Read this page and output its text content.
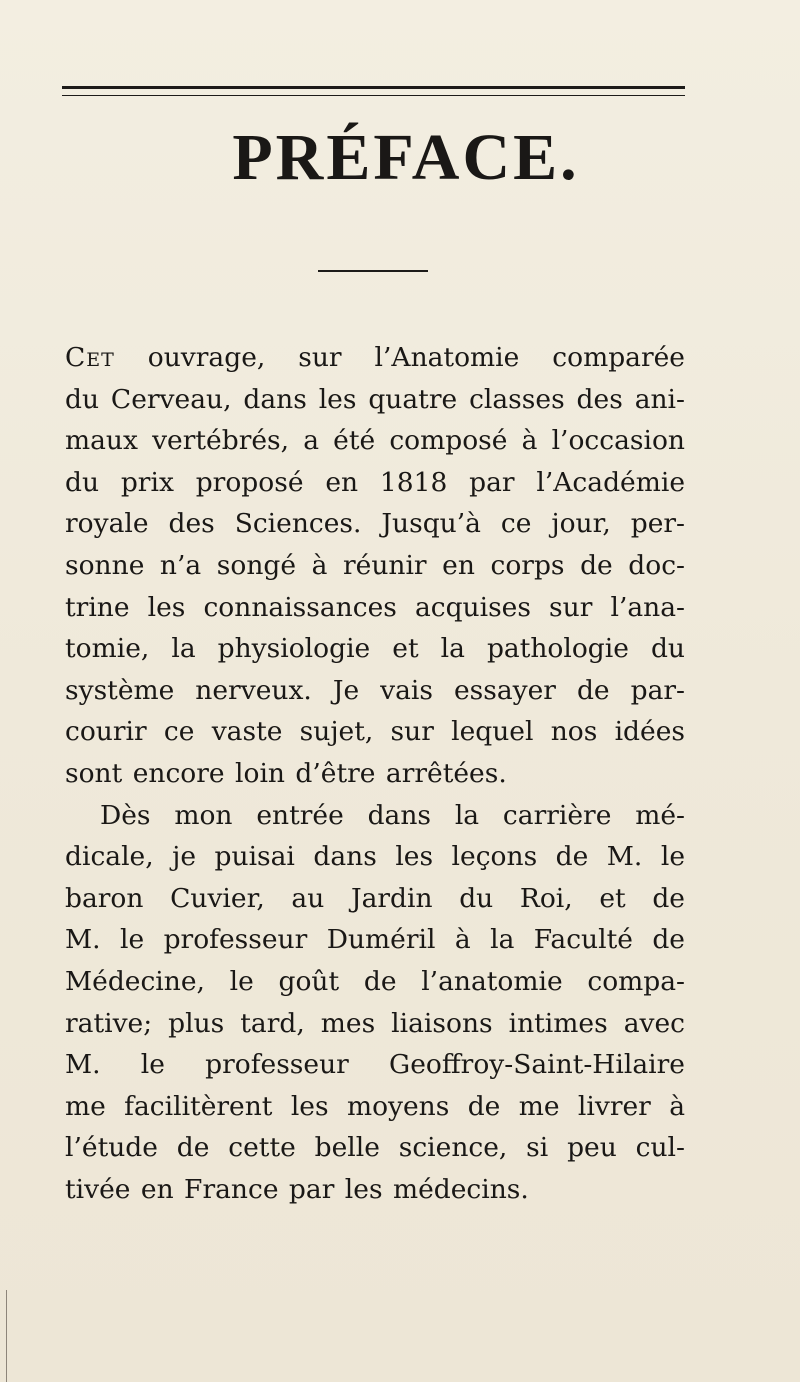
PRÉFACE.
Cet ouvrage, sur l’Anatomie comparée
du Cerveau, dans les quatre classes des ani-
maux vertébrés, a été composé à l’occasion
du prix proposé en 1818 par l’Académie
royale des Sciences. Jusqu’à ce jour, per-
sonne n’a songé à réunir en corps de doc-
trine les connaissances acquises sur l’ana-
tomie, la physiologie et la pathologie du
système nerveux. Je vais essayer de par-
courir ce vaste sujet, sur lequel nos idées
sont encore loin d’être arrêtées.
Dès mon entrée dans la carrière mé-
dicale, je puisai dans les leçons de M. le
baron Cuvier, au Jardin du Roi, et de
M. le professeur Duméril à la Faculté de
Médecine, le goût de l’anatomie compa-
rative; plus tard, mes liaisons intimes avec
M. le professeur Geoffroy-Saint-Hilaire
me facilitèrent les moyens de me livrer à
l’étude de cette belle science, si peu cul-
tivée en France par les médecins.
